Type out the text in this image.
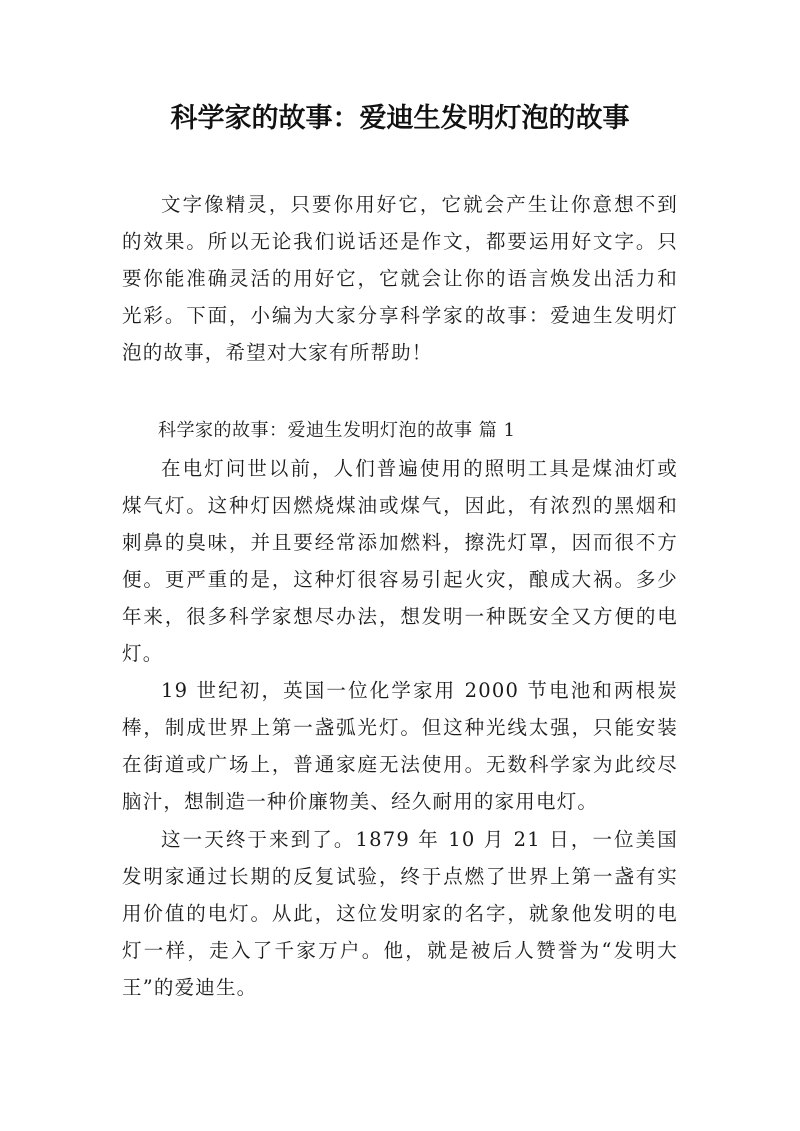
科学家的故事：爱迪生发明灯泡的故事

文字像精灵，只要你用好它，它就会产生让你意想不到的效果。所以无论我们说话还是作文，都要运用好文字。只要你能准确灵活的用好它，它就会让你的语言焕发出活力和光彩。下面，小编为大家分享科学家的故事：爱迪生发明灯泡的故事，希望对大家有所帮助！

科学家的故事：爱迪生发明灯泡的故事 篇 1

在电灯问世以前，人们普遍使用的照明工具是煤油灯或煤气灯。这种灯因燃烧煤油或煤气，因此，有浓烈的黑烟和刺鼻的臭味，并且要经常添加燃料，擦洗灯罩，因而很不方便。更严重的是，这种灯很容易引起火灾，酿成大祸。多少年来，很多科学家想尽办法，想发明一种既安全又方便的电灯。

19 世纪初，英国一位化学家用 2000 节电池和两根炭棒，制成世界上第一盏弧光灯。但这种光线太强，只能安装在街道或广场上，普通家庭无法使用。无数科学家为此绞尽脑汁，想制造一种价廉物美、经久耐用的家用电灯。

这一天终于来到了。1879 年 10 月 21 日，一位美国发明家通过长期的反复试验，终于点燃了世界上第一盏有实用价值的电灯。从此，这位发明家的名字，就象他发明的电灯一样，走入了千家万户。他，就是被后人赞誉为“发明大王”的爱迪生。
